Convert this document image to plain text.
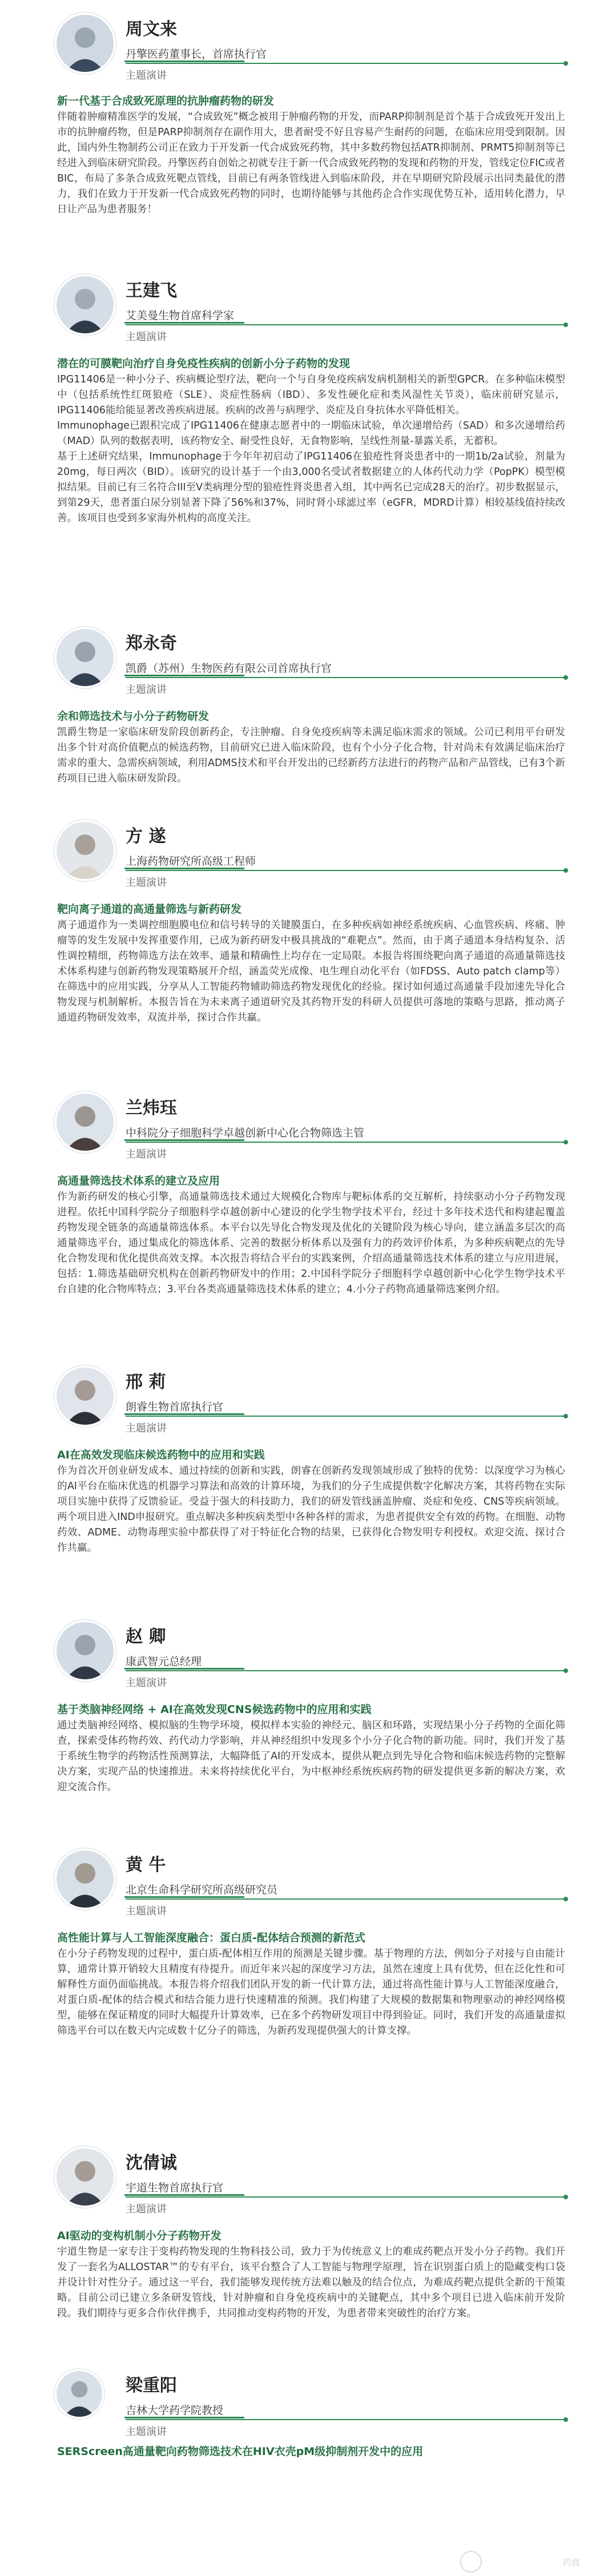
周文来
丹擎医药董事长，首席执行官
主题演讲
新一代基于合成致死原理的抗肿瘤药物的研发
伴随着肿瘤精准医学的发展，“合成致死”概念被用于肿瘤药物的开发，而PARP抑制剂是首个基于合成致死开发出上市的抗肿瘤药物，但是PARP抑制剂存在副作用大，患者耐受不好且容易产生耐药的问题，在临床应用受到限制。因此，国内外生物制药公司正在致力于开发新一代合成致死药物，其中多数药物包括ATR抑制剂、PRMT5抑制剂等已经进入到临床研究阶段。丹擎医药自创始之初就专注于新一代合成致死药物的发现和药物的开发，管线定位FIC或者BIC，布局了多条合成致死靶点管线，目前已有两条管线进入到临床阶段，并在早期研究阶段展示出同类最优的潜力，我们在致力于开发新一代合成致死药物的同时，也期待能够与其他药企合作实现优势互补，适用转化潜力，早日让产品为患者服务！
王建飞
艾美曼生物首席科学家
主题演讲
潜在的可膜靶向治疗自身免疫性疾病的创新小分子药物的发现
IPG11406是一种小分子、疾病概论型疗法，靶向一个与自身免疫疾病发病机制相关的新型GPCR。在多种临床模型中（包括系统性红斑狼疮（SLE）、炎症性肠病（IBD）、多发性硬化症和类风湿性关节炎），临床前研究显示，IPG11406能给能显著改善疾病进展。疾病的改善与病理学、炎症及自身抗体水平降低相关。
Immunophage已跟积完成了IPG11406在健康志愿者中的一期临床试验，单次递增给药（SAD）和多次递增给药（MAD）队列的数据表明，该药物安全、耐受性良好，无食物影响，呈线性剂量-暴露关系，无蓄积。
基于上述研究结果，Immunophage于今年年初启动了IPG11406在狼疮性肾炎患者中的一期1b/2a试验，剂量为20mg，每日两次（BID）。该研究的设计基于一个由3,000名受试者数据建立的人体药代动力学（PopPK）模型模拟结果。目前已有三名符合III至V类病理分型的狼疮性肾炎患者入组，其中两名已完成28天的治疗。初步数据显示，到第29天，患者蛋白尿分别显著下降了56%和37%，同时肾小球滤过率（eGFR，MDRD计算）相较基线值持续改善。该项目也受到多家海外机构的高度关注。
郑永奇
凯爵（苏州）生物医药有限公司首席执行官
主题演讲
余和筛选技术与小分子药物研发
凯爵生物是一家临床研发阶段创新药企，专注肿瘤、自身免疫疾病等未满足临床需求的领域。公司已利用平台研发出多个针对高价值靶点的候选药物，目前研究已进入临床阶段，也有个小分子化合物，针对尚未有效满足临床治疗需求的重大、急需疾病领域，利用ADMS技术和平台开发出的已经新药方法进行的药物产品和产品管线，已有3个新药项目已进入临床研发阶段。
方 遂
上海药物研究所高级工程师
主题演讲
靶向离子通道的高通量筛选与新药研发
离子通道作为一类调控细胞膜电位和信号转导的关键膜蛋白，在多种疾病如神经系统疾病、心血管疾病、疼痛、肿瘤等的发生发展中发挥重要作用，已成为新药研发中极具挑战的“难靶点”。然而，由于离子通道本身结构复杂、活性调控精细，药物筛选方法在效率、通量和精确性上均存在一定局限。本报告将围绕靶向离子通道的高通量筛选技术体系构建与创新药物发现策略展开介绍，涵盖荧光成像、电生理自动化平台（如FDSS、Auto patch clamp等）在筛选中的应用实践，分享从人工智能药物辅助筛选药物发现优化的经验。探讨如何通过高通量手段加速先导化合物发现与机制解析。本报告旨在为未来离子通道研究及其药物开发的科研人员提供可落地的策略与思路，推动离子通道药物研发效率，双流并举，探讨合作共赢。
兰炜珏
中科院分子细胞科学卓越创新中心化合物筛选主管
主题演讲
高通量筛选技术体系的建立及应用
作为新药研发的核心引擎，高通量筛选技术通过大规模化合物库与靶标体系的交互解析，持续驱动小分子药物发现进程。依托中国科学院分子细胞科学卓越创新中心建设的化学生物学技术平台，经过十多年技术迭代和构建起覆盖药物发现全链条的高通量筛选体系。本平台以先导化合物发现及优化的关键阶段为核心导向，建立涵盖多层次的高通量筛选平台，通过集成化的筛选体系、完善的数据分析体系以及强有力的药效评价体系，为多种疾病靶点的先导化合物发现和优化提供高效支撑。本次报告将结合平台的实践案例，介绍高通量筛选技术体系的建立与应用进展，包括：1.筛选基础研究机构在创新药物研发中的作用；2.中国科学院分子细胞科学卓越创新中心化学生物学技术平台自建的化合物库特点；3.平台各类高通量筛选技术体系的建立；4.小分子药物高通量筛选案例介绍。
邢 莉
朗睿生物首席执行官
主题演讲
AI在高效发现临床候选药物中的应用和实践
作为首次开创业研发成本、通过持续的创新和实践，朗睿在创新药发现领域形成了独特的优势：以深度学习为核心的AI平台在临床优选的机器学习算法和高效的计算环境，为我们的分子生成提供数字化解决方案，其将药物在实际项目实施中获得了反馈验证。受益于强大的科技助力，我们的研发管线涵盖肿瘤、炎症和免疫、CNS等疾病领域。两个项目进入IND申报研究。重点解决多种疾病类型中各种各样的需求，为患者提供安全有效的药物。在细胞、动物药效、ADME、动物毒理实验中都获得了对于特征化合物的结果，已获得化合物发明专利授权。欢迎交流、探讨合作共赢。
赵 卿
康武智元总经理
主题演讲
基于类脑神经网络 + AI在高效发现CNS候选药物中的应用和实践
通过类脑神经网络、模拟脑的生物学环境，模拟样本实验的神经元、脑区和环路，实现结果小分子药物的全面化筛查，探索受体药物药效、药代动力学影响，并从神经组织中发现多个小分子化合物的新功能。同时，我们开发了基于系统生物学的药物活性预测算法，大幅降低了AI的开发成本，提供从靶点到先导化合物和临床候选药物的完整解决方案，实现产品的快速推进。未来将持续优化平台，为中枢神经系统疾病药物的研发提供更多新的解决方案，欢迎交流合作。
黄 牛
北京生命科学研究所高级研究员
主题演讲
高性能计算与人工智能深度融合：蛋白质-配体结合预测的新范式
在小分子药物发现的过程中，蛋白质-配体相互作用的预测是关键步骤。基于物理的方法，例如分子对接与自由能计算，通常计算开销较大且精度有待提升。而近年来兴起的深度学习方法，虽然在速度上具有优势，但在泛化性和可解释性方面仍面临挑战。本报告将介绍我们团队开发的新一代计算方法，通过将高性能计算与人工智能深度融合，对蛋白质-配体的结合模式和结合能力进行快速精准的预测。我们构建了大规模的数据集和物理驱动的神经网络模型，能够在保证精度的同时大幅提升计算效率，已在多个药物研发项目中得到验证。同时，我们开发的高通量虚拟筛选平台可以在数天内完成数十亿分子的筛选，为新药发现提供强大的计算支撑。
沈倩诚
宇道生物首席执行官
主题演讲
AI驱动的变构机制小分子药物开发
宇道生物是一家专注于变构药物发现的生物科技公司，致力于为传统意义上的难成药靶点开发小分子药物。我们开发了一套名为ALLOSTAR™的专有平台，该平台整合了人工智能与物理学原理，旨在识别蛋白质上的隐藏变构口袋并设计针对性分子。通过这一平台，我们能够发现传统方法难以触及的结合位点，为难成药靶点提供全新的干预策略。目前公司已建立多条研发管线，针对肿瘤和自身免疫疾病中的关键靶点，其中多个项目已进入临床前开发阶段。我们期待与更多合作伙伴携手，共同推动变构药物的开发，为患者带来突破性的治疗方案。
梁重阳
吉林大学药学院教授
主题演讲
SERScreen高通量靶向药物筛选技术在HIV衣壳pM级抑制剂开发中的应用
药渡
